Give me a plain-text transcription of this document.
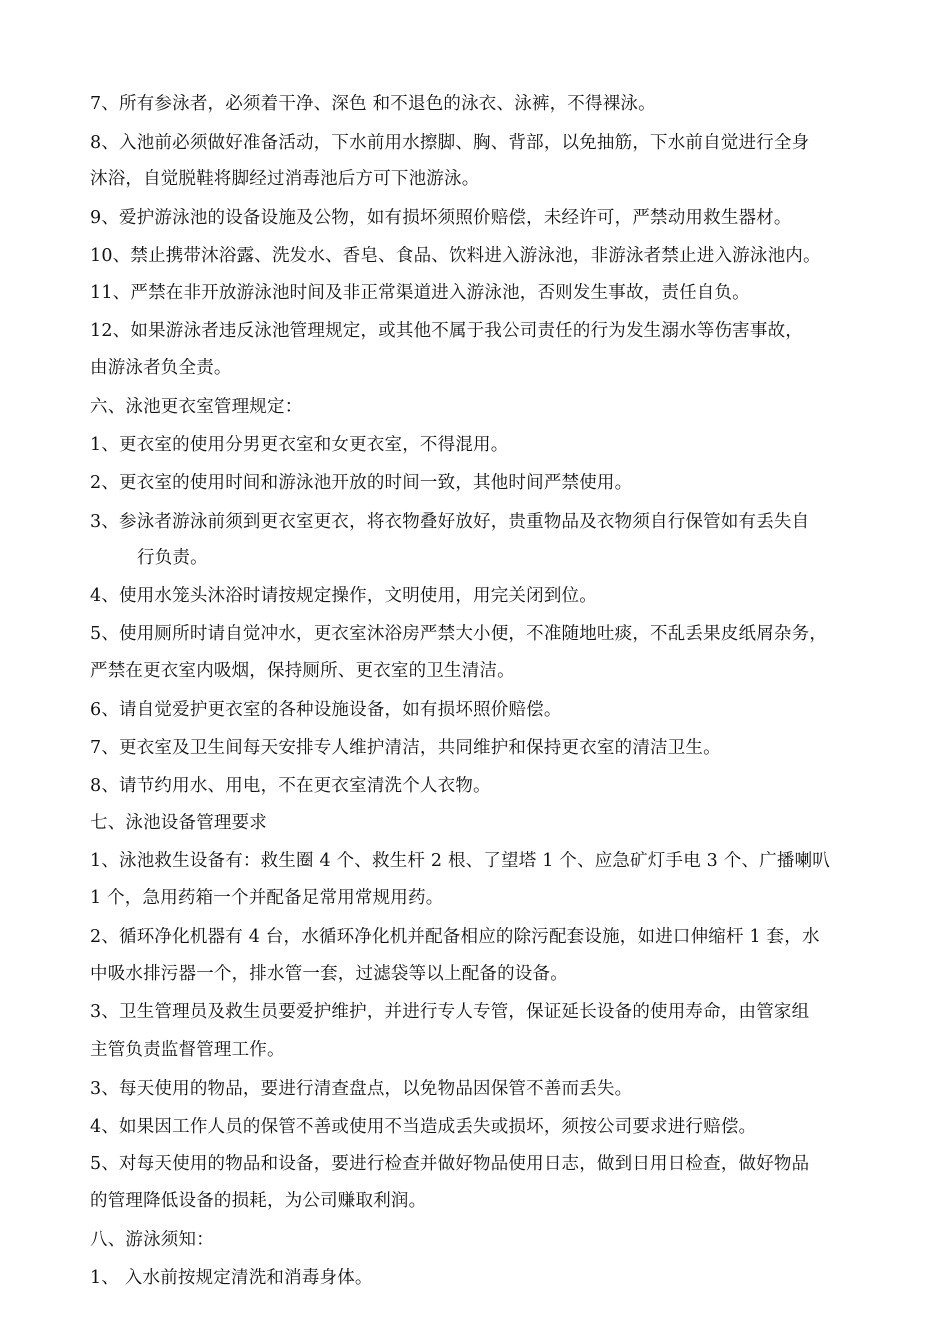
7、所有参泳者，必须着干净、深色 和不退色的泳衣、泳裤，不得裸泳。
8、入池前必须做好准备活动，下水前用水擦脚、胸、背部，以免抽筋，下水前自觉进行全身
沐浴，自觉脱鞋将脚经过消毒池后方可下池游泳。
9、爱护游泳池的设备设施及公物，如有损坏须照价赔偿，未经许可，严禁动用救生器材。
10、禁止携带沐浴露、洗发水、香皂、食品、饮料进入游泳池，非游泳者禁止进入游泳池内。
11、严禁在非开放游泳池时间及非正常渠道进入游泳池，否则发生事故，责任自负。
12、如果游泳者违反泳池管理规定，或其他不属于我公司责任的行为发生溺水等伤害事故，
由游泳者负全责。
六、泳池更衣室管理规定：
1、更衣室的使用分男更衣室和女更衣室，不得混用。
2、更衣室的使用时间和游泳池开放的时间一致，其他时间严禁使用。
3、参泳者游泳前须到更衣室更衣，将衣物叠好放好，贵重物品及衣物须自行保管如有丢失自
行负责。
4、使用水笼头沐浴时请按规定操作，文明使用，用完关闭到位。
5、使用厕所时请自觉冲水，更衣室沐浴房严禁大小便，不准随地吐痰，不乱丢果皮纸屑杂务，
严禁在更衣室内吸烟，保持厕所、更衣室的卫生清洁。
6、请自觉爱护更衣室的各种设施设备，如有损坏照价赔偿。
7、更衣室及卫生间每天安排专人维护清洁，共同维护和保持更衣室的清洁卫生。
8、请节约用水、用电，不在更衣室清洗个人衣物。
七、泳池设备管理要求
1、泳池救生设备有：救生圈 4 个、救生杆 2 根、了望塔 1 个、应急矿灯手电 3 个、广播喇叭
1 个，急用药箱一个并配备足常用常规用药。
2、循环净化机器有 4 台，水循环净化机并配备相应的除污配套设施，如进口伸缩杆 1 套，水
中吸水排污器一个，排水管一套，过滤袋等以上配备的设备。
3、卫生管理员及救生员要爱护维护，并进行专人专管，保证延长设备的使用寿命，由管家组
主管负责监督管理工作。
3、每天使用的物品，要进行清查盘点，以免物品因保管不善而丢失。
4、如果因工作人员的保管不善或使用不当造成丢失或损坏，须按公司要求进行赔偿。
5、对每天使用的物品和设备，要进行检查并做好物品使用日志，做到日用日检查，做好物品
的管理降低设备的损耗，为公司赚取利润。
八、游泳须知：
1、 入水前按规定清洗和消毒身体。
